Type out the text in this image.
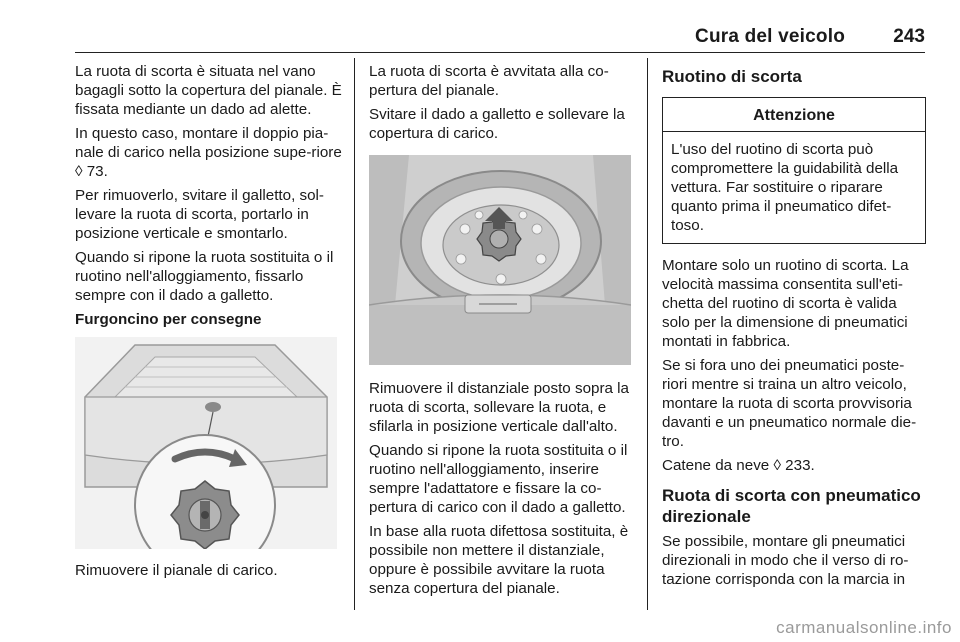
Cura del veicolo	243

La ruota di scorta è situata nel vano bagagli sotto la copertura del pianale. È fissata mediante un dado ad alette.

In questo caso, montare il doppio pia-nale di carico nella posizione supe-riore ◊ 73.

Per rimuoverlo, svitare il galletto, sol-levare la ruota di scorta, portarlo in posizione verticale e smontarlo.

Quando si ripone la ruota sostituita o il ruotino nell'alloggiamento, fissarlo sempre con il dado a galletto.

Furgoncino per consegne

Rimuovere il pianale di carico.

La ruota di scorta è avvitata alla co-pertura del pianale.

Svitare il dado a galletto e sollevare la copertura di carico.

Rimuovere il distanziale posto sopra la ruota di scorta, sollevare la ruota, e sfilarla in posizione verticale dall'alto.

Quando si ripone la ruota sostituita o il ruotino nell'alloggiamento, inserire sempre l'adattatore e fissare la co-pertura di carico con il dado a galletto.

In base alla ruota difettosa sostituita, è possibile non mettere il distanziale, oppure è possibile avvitare la ruota senza copertura del pianale.

Ruotino di scorta

Attenzione
L'uso del ruotino di scorta può compromettere la guidabilità della vettura. Far sostituire o riparare quanto prima il pneumatico difet-toso.

Montare solo un ruotino di scorta. La velocità massima consentita sull'eti-chetta del ruotino di scorta è valida solo per la dimensione di pneumatici montati in fabbrica.

Se si fora uno dei pneumatici poste-riori mentre si traina un altro veicolo, montare la ruota di scorta provvisoria davanti e un pneumatico normale die-tro.

Catene da neve ◊ 233.

Ruota di scorta con pneumatico direzionale

Se possibile, montare gli pneumatici direzionali in modo che il verso di ro-tazione corrisponda con la marcia in

carmanualsonline.info
